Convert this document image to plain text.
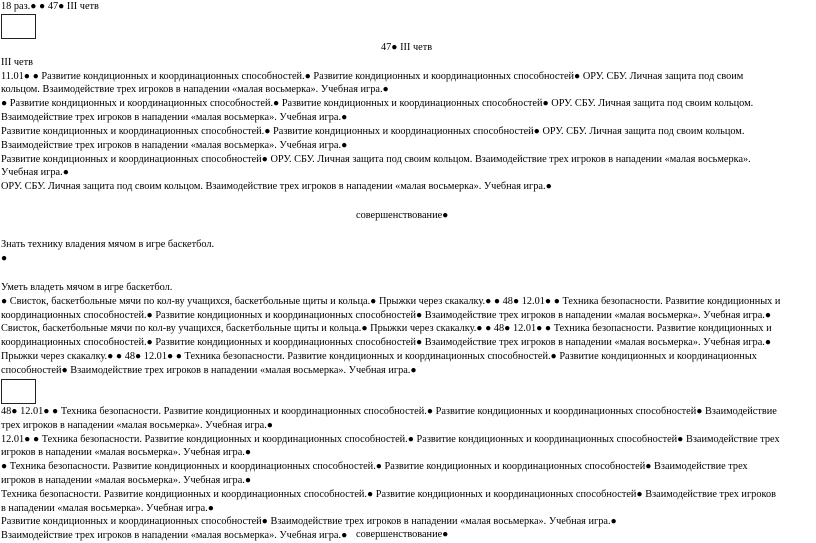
18 раз.● ● 47● III четв
47● III четв
III четв
11.01● ● Развитие кондиционных и координационных способностей.● Развитие кондиционных и координационных способностей● ОРУ. СБУ. Личная защита под своим
кольцом. Взаимодействие трех игроков в нападении «малая восьмерка». Учебная игра.●
● Развитие кондиционных и координационных способностей.● Развитие кондиционных и координационных способностей● ОРУ. СБУ. Личная защита под своим кольцом.
Взаимодействие трех игроков в нападении «малая восьмерка». Учебная игра.●
Развитие кондиционных и координационных способностей.● Развитие кондиционных и координационных способностей● ОРУ. СБУ. Личная защита под своим кольцом.
Взаимодействие трех игроков в нападении «малая восьмерка». Учебная игра.●
Развитие кондиционных и координационных способностей● ОРУ. СБУ. Личная защита под своим кольцом. Взаимодействие трех игроков в нападении «малая восьмерка».
Учебная игра.●
ОРУ. СБУ. Личная защита под своим кольцом. Взаимодействие трех игроков в нападении «малая восьмерка». Учебная игра.●
совершенствование●
Знать технику владения мячом в игре баскетбол.
●
Уметь владеть мячом в игре баскетбол.
● Свисток, баскетбольные мячи по кол-ву учащихся, баскетбольные щиты и кольца.● Прыжки через скакалку.● ● 48● 12.01● ● Техника безопасности. Развитие кондиционных и
координационных способностей.● Развитие кондиционных и координационных способностей● Взаимодействие трех игроков в нападении «малая восьмерка». Учебная игра.●
Свисток, баскетбольные мячи по кол-ву учащихся, баскетбольные щиты и кольца.● Прыжки через скакалку.● ● 48● 12.01● ● Техника безопасности. Развитие кондиционных и
координационных способностей.● Развитие кондиционных и координационных способностей● Взаимодействие трех игроков в нападении «малая восьмерка». Учебная игра.●
Прыжки через скакалку.● ● 48● 12.01● ● Техника безопасности. Развитие кондиционных и координационных способностей.● Развитие кондиционных и координационных
способностей● Взаимодействие трех игроков в нападении «малая восьмерка». Учебная игра.●
48● 12.01● ● Техника безопасности. Развитие кондиционных и координационных способностей.● Развитие кондиционных и координационных способностей● Взаимодействие
трех игроков в нападении «малая восьмерка». Учебная игра.●
12.01● ● Техника безопасности. Развитие кондиционных и координационных способностей.● Развитие кондиционных и координационных способностей● Взаимодействие трех
игроков в нападении «малая восьмерка». Учебная игра.●
● Техника безопасности. Развитие кондиционных и координационных способностей.● Развитие кондиционных и координационных способностей● Взаимодействие трех
игроков в нападении «малая восьмерка». Учебная игра.●
Техника безопасности. Развитие кондиционных и координационных способностей.● Развитие кондиционных и координационных способностей● Взаимодействие трех игроков
в нападении «малая восьмерка». Учебная игра.●
Развитие кондиционных и координационных способностей● Взаимодействие трех игроков в нападении «малая восьмерка». Учебная игра.●
Взаимодействие трех игроков в нападении «малая восьмерка». Учебная игра.● совершенствование●
